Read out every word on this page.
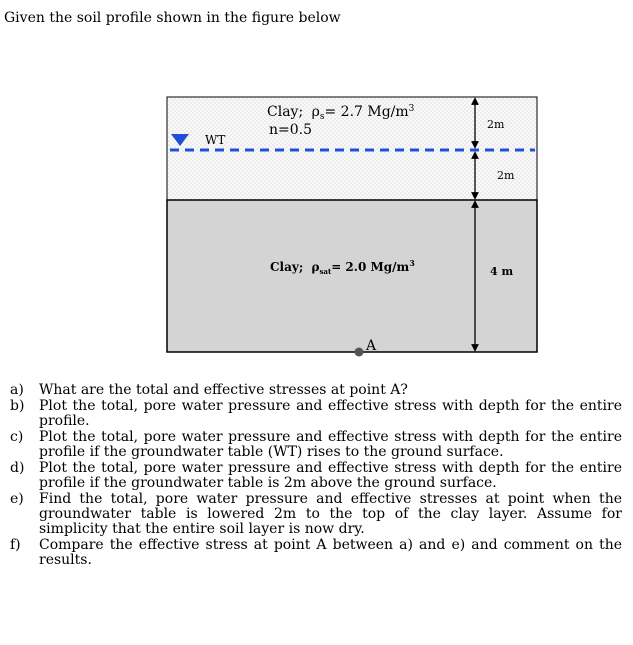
Given the soil profile shown in the figure below
WT
Clay; $\rho_s= 2.7$ $Mg/m^3$
n=0.5
Clay; $\rho_{sat}= 2.0$ $Mg/m^3$
2m
2m
4 m
A
a) What are the total and effective stresses at point A?
b) Plot the total, pore water pressure and effective stress with depth for the entire profile.
c) Plot the total, pore water pressure and effective stress with depth for the entire profile if the groundwater table (WT) rises to the ground surface.
d) Plot the total, pore water pressure and effective stress with depth for the entire profile if the groundwater table is 2m above the ground surface.
e) Find the total, pore water pressure and effective stresses at point when the groundwater table is lowered 2m to the top of the clay layer. Assume for simplicity that the entire soil layer is now dry.
f) Compare the effective stress at point A between a) and e) and comment on the results.
